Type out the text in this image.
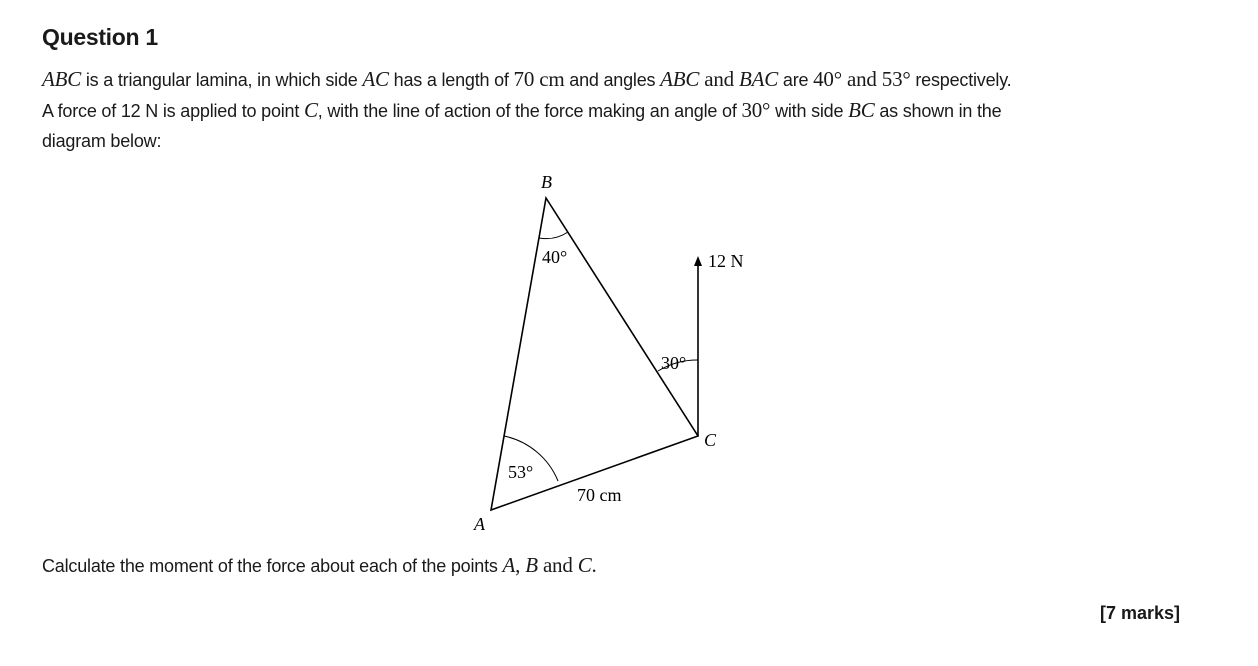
Question 1
ABC is a triangular lamina, in which side AC has a length of 70 cm and angles ABC and BAC are 40° and 53° respectively.
A force of 12 N is applied to point C, with the line of action of the force making an angle of 30° with side BC as shown in the
diagram below:
B
A
C
40°
53°
30°
70 cm
12 N
Calculate the moment of the force about each of the points A, B and C.
[7 marks]
